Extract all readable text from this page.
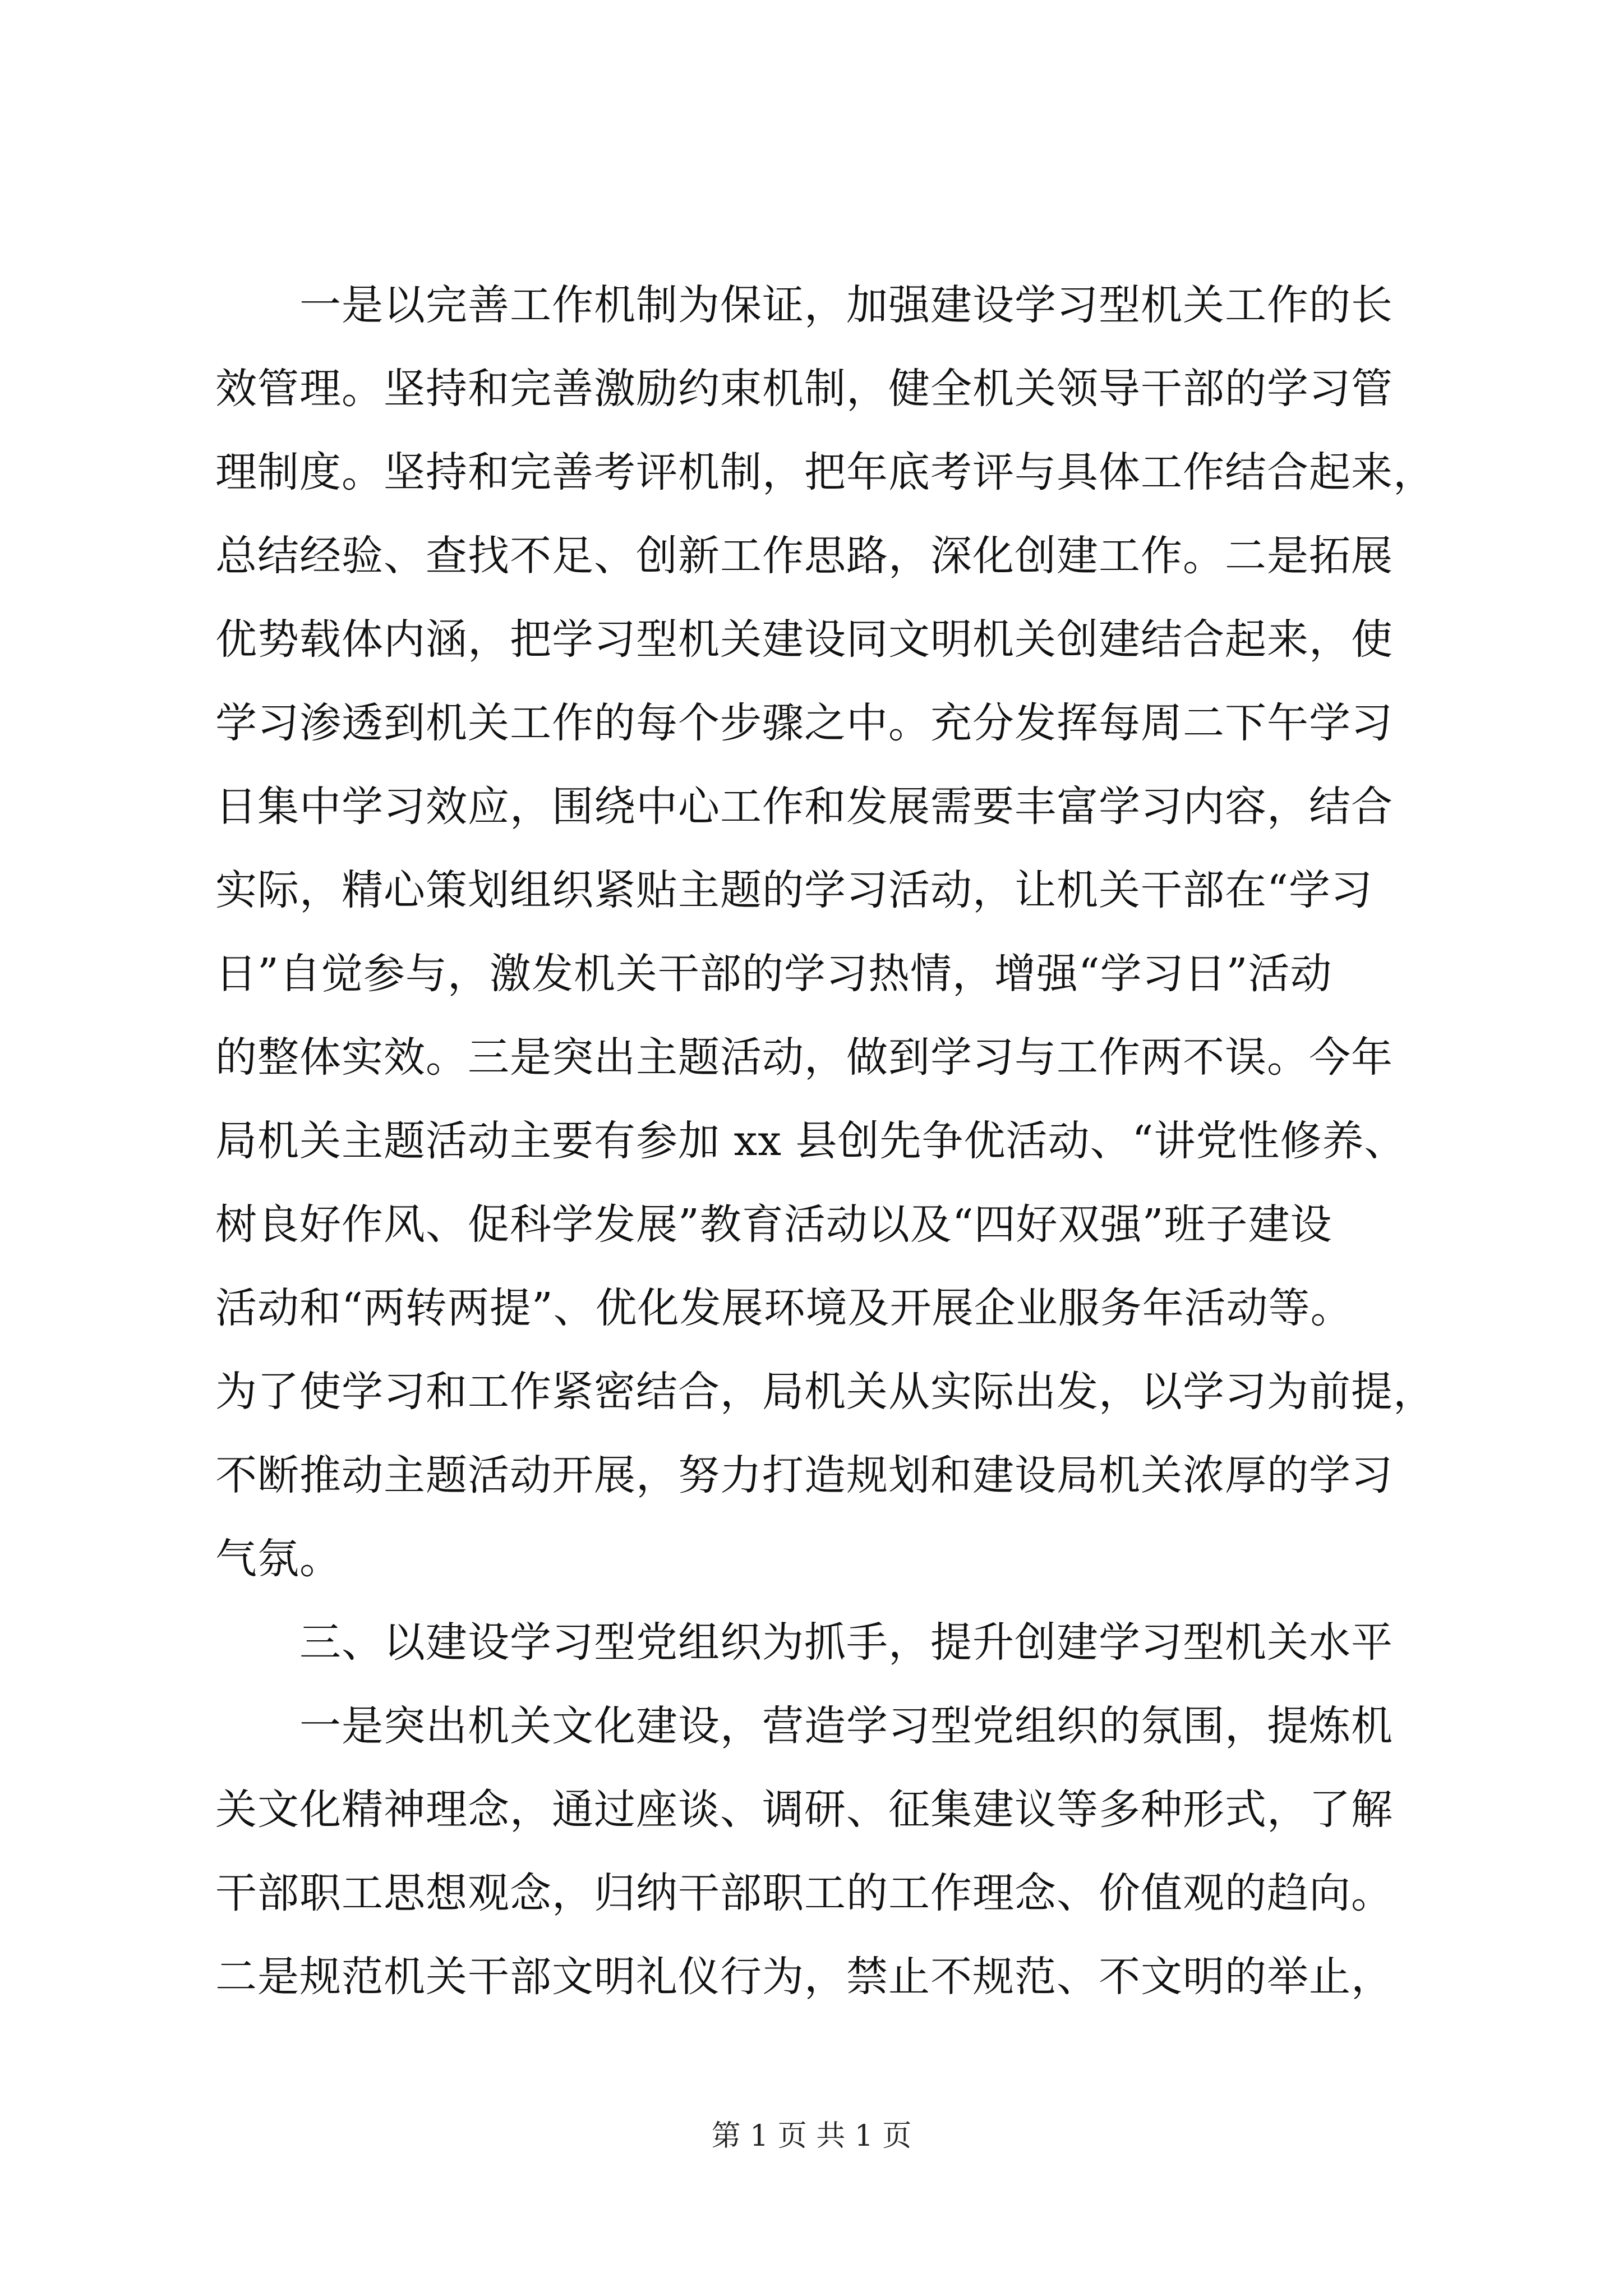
一是以完善工作机制为保证，加强建设学习型机关工作的长
效管理。坚持和完善激励约束机制，健全机关领导干部的学习管
理制度。坚持和完善考评机制，把年底考评与具体工作结合起来，
总结经验、查找不足、创新工作思路，深化创建工作。二是拓展
优势载体内涵，把学习型机关建设同文明机关创建结合起来，使
学习渗透到机关工作的每个步骤之中。充分发挥每周二下午学习
日集中学习效应，围绕中心工作和发展需要丰富学习内容，结合
实际，精心策划组织紧贴主题的学习活动，让机关干部在“学习
日”自觉参与，激发机关干部的学习热情，增强“学习日”活动
的整体实效。三是突出主题活动，做到学习与工作两不误。今年
局机关主题活动主要有参加 xx 县创先争优活动、“讲党性修养、
树良好作风、促科学发展”教育活动以及“四好双强”班子建设
活动和“两转两提”、优化发展环境及开展企业服务年活动等。
为了使学习和工作紧密结合，局机关从实际出发，以学习为前提，
不断推动主题活动开展，努力打造规划和建设局机关浓厚的学习
气氛。
三、以建设学习型党组织为抓手，提升创建学习型机关水平
一是突出机关文化建设，营造学习型党组织的氛围，提炼机
关文化精神理念，通过座谈、调研、征集建议等多种形式，了解
干部职工思想观念，归纳干部职工的工作理念、价值观的趋向。
二是规范机关干部文明礼仪行为，禁止不规范、不文明的举止，
第 1 页 共 1 页
